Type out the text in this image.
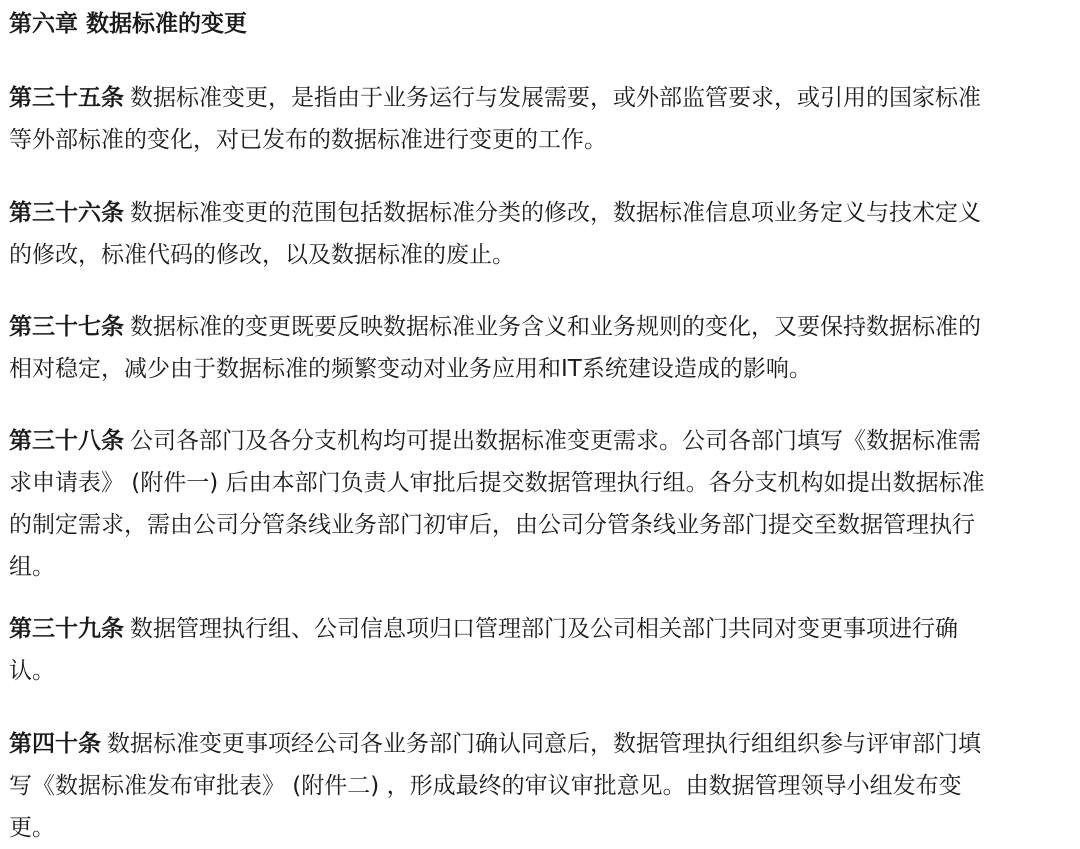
第六章 数据标准的变更
第三十五条 数据标准变更，是指由于业务运行与发展需要，或外部监管要求，或引用的国家标准
等外部标准的变化，对已发布的数据标准进行变更的工作。
第三十六条 数据标准变更的范围包括数据标准分类的修改，数据标准信息项业务定义与技术定义
的修改，标准代码的修改，以及数据标准的废止。
第三十七条 数据标准的变更既要反映数据标准业务含义和业务规则的变化，又要保持数据标准的
相对稳定，减少由于数据标准的频繁变动对业务应用和IT系统建设造成的影响。
第三十八条 公司各部门及各分支机构均可提出数据标准变更需求。公司各部门填写《数据标准需
求申请表》 (附件一) 后由本部门负责人审批后提交数据管理执行组。各分支机构如提出数据标准
的制定需求，需由公司分管条线业务部门初审后，由公司分管条线业务部门提交至数据管理执行
组。
第三十九条 数据管理执行组、公司信息项归口管理部门及公司相关部门共同对变更事项进行确
认。
第四十条 数据标准变更事项经公司各业务部门确认同意后，数据管理执行组组织参与评审部门填
写《数据标准发布审批表》 (附件二) ，形成最终的审议审批意见。由数据管理领导小组发布变
更。
